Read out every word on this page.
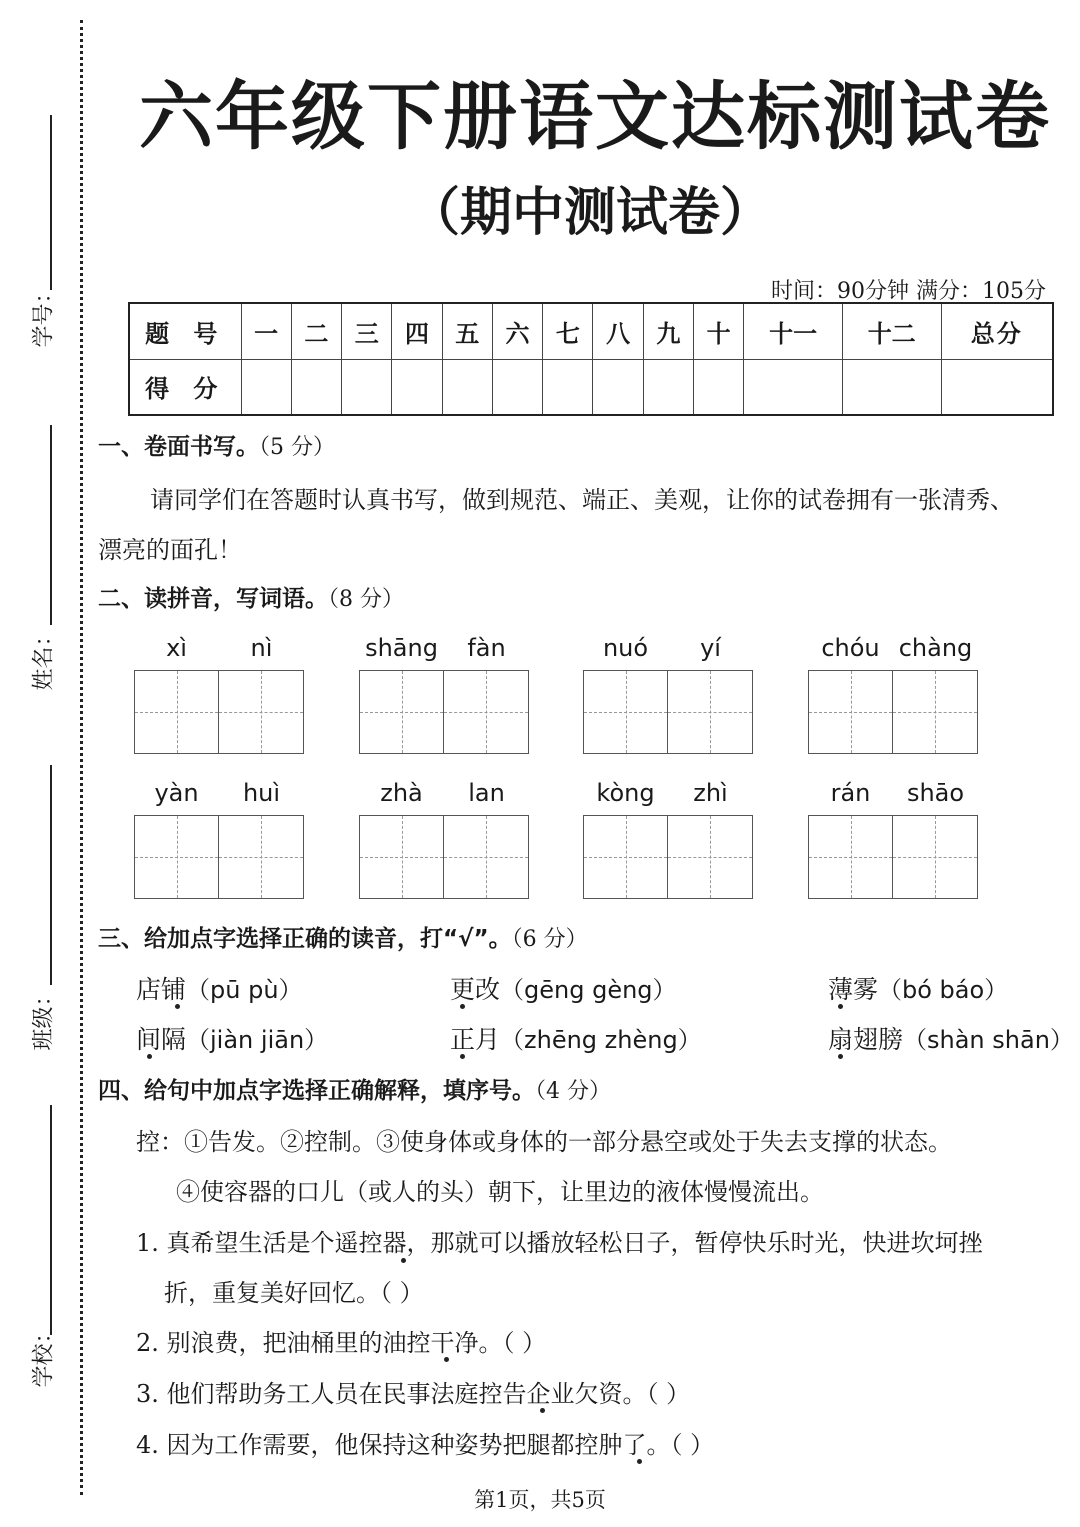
学号：
姓名：
班级：
学校：
六年级下册语文达标测试卷
（期中测试卷）
时间：90分钟 满分：105分
题 号	一	二	三	四	五	六	七	八	九	十	十一	十二	总分
得 分													
一、卷面书写。（5 分）
请同学们在答题时认真书写，做到规范、端正、美观，让你的试卷拥有一张清秀、
漂亮的面孔！
二、读拼音，写词语。（8 分）
xì	nì	shāng	fàn	nuó	yí	chóu chàng
yàn	huì	zhà	lan	kòng	zhì	rán	shāo
三、给加点字选择正确的读音，打“√”。（6 分）
店铺（pū pù）	更改（gēng gèng）	薄雾（bó báo）
间隔（jiàn jiān）	正月（zhēng zhèng）	扇翅膀（shàn shān）
四、给句中加点字选择正确解释，填序号。（4 分）
控：①告发。②控制。③使身体或身体的一部分悬空或处于失去支撑的状态。
④使容器的口儿（或人的头）朝下，让里边的液体慢慢流出。
1. 真希望生活是个遥控器，那就可以播放轻松日子，暂停快乐时光，快进坎坷挫
折，重复美好回忆。（ ）
2. 别浪费，把油桶里的油控干净。（ ）
3. 他们帮助务工人员在民事法庭控告企业欠资。（ ）
4. 因为工作需要，他保持这种姿势把腿都控肿了。（ ）
第1页，共5页
